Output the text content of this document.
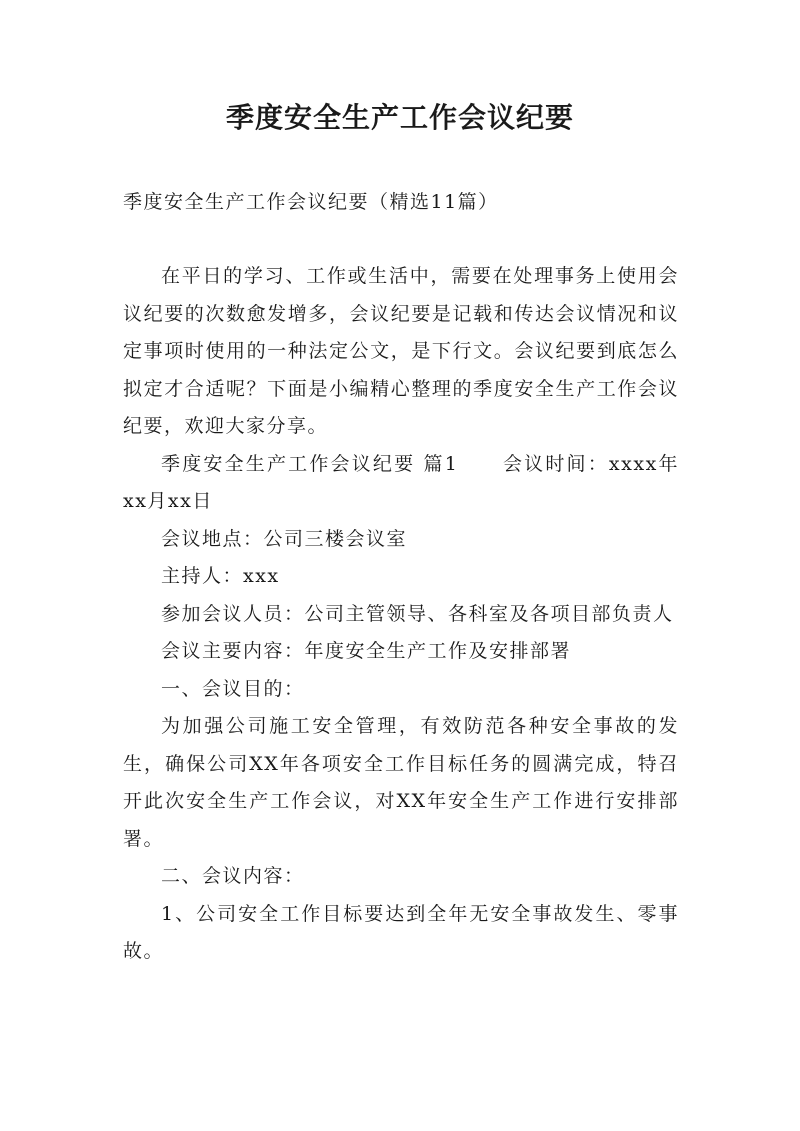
季度安全生产工作会议纪要
季度安全生产工作会议纪要（精选11篇）

在平日的学习、工作或生活中，需要在处理事务上使用会议纪要的次数愈发增多，会议纪要是记载和传达会议情况和议定事项时使用的一种法定公文，是下行文。会议纪要到底怎么拟定才合适呢？下面是小编精心整理的季度安全生产工作会议纪要，欢迎大家分享。

季度安全生产工作会议纪要 篇1 会议时间：xxxx年xx月xx日

会议地点：公司三楼会议室

主持人：xxx

参加会议人员：公司主管领导、各科室及各项目部负责人

会议主要内容：年度安全生产工作及安排部署

一、会议目的：

为加强公司施工安全管理，有效防范各种安全事故的发生，确保公司XX年各项安全工作目标任务的圆满完成，特召开此次安全生产工作会议，对XX年安全生产工作进行安排部署。

二、会议内容：

1、公司安全工作目标要达到全年无安全事故发生、零事故。
